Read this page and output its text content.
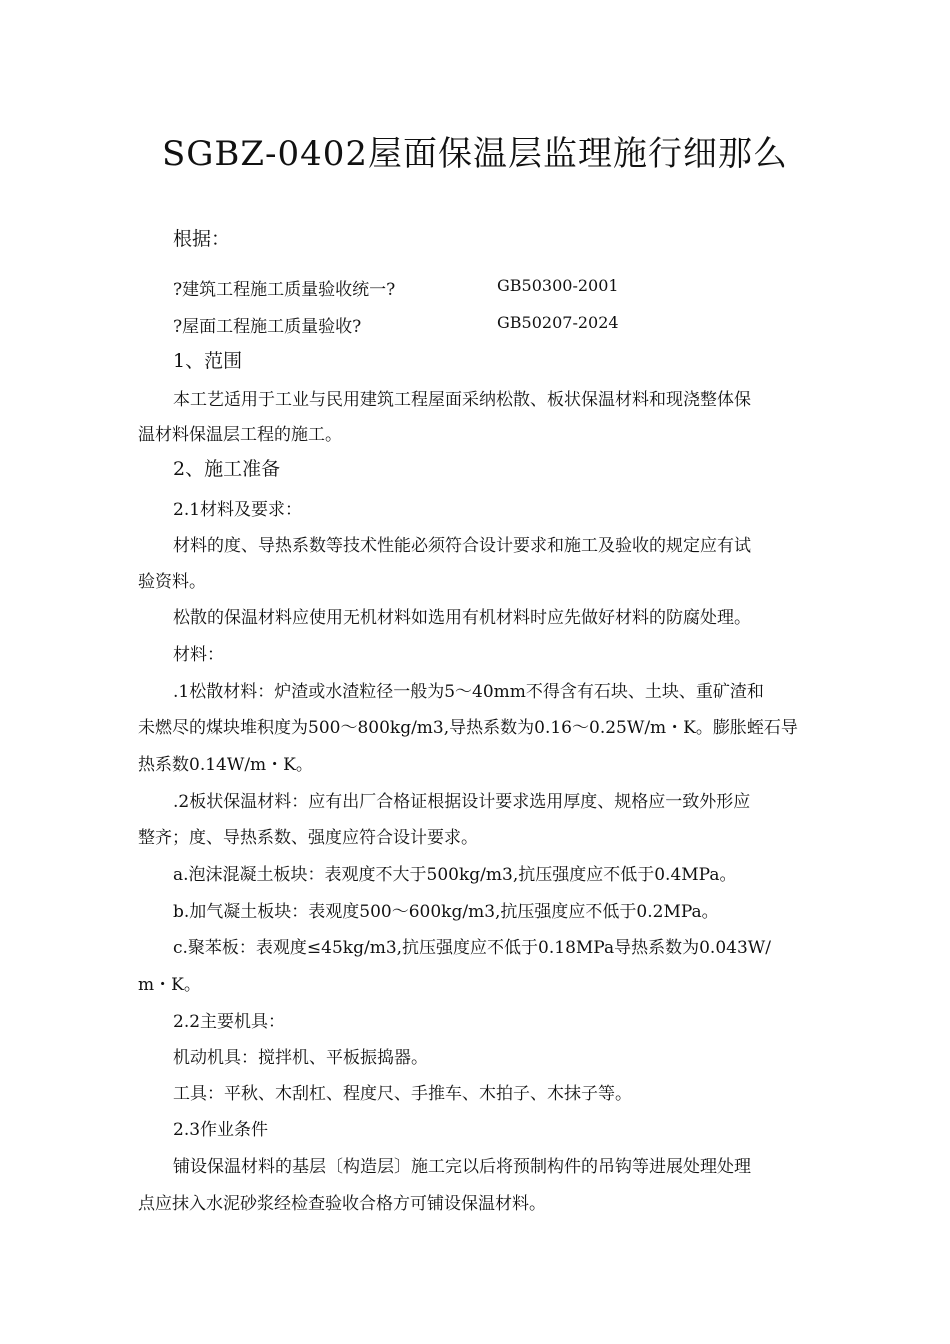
SGBZ-0402屋面保温层监理施行细那么
根据：
?建筑工程施工质量验收统一?	GB50300-2001
?屋面工程施工质量验收?	GB50207-2024
1、范围
本工艺适用于工业与民用建筑工程屋面采纳松散、板状保温材料和现浇整体保
温材料保温层工程的施工。
2、施工准备
2.1材料及要求：
材料的度、导热系数等技术性能必须符合设计要求和施工及验收的规定应有试
验资料。
松散的保温材料应使用无机材料如选用有机材料时应先做好材料的防腐处理。
材料：
.1松散材料：炉渣或水渣粒径一般为5～40mm不得含有石块、土块、重矿渣和
未燃尽的煤块堆积度为500～800kg/m3,导热系数为0.16～0.25W/m・K。膨胀蛭石导
热系数0.14W/m・K。
.2板状保温材料：应有出厂合格证根据设计要求选用厚度、规格应一致外形应
整齐；度、导热系数、强度应符合设计要求。
a.泡沫混凝土板块：表观度不大于500kg/m3,抗压强度应不低于0.4MPa。
b.加气凝土板块：表观度500～600kg/m3,抗压强度应不低于0.2MPa。
c.聚苯板：表观度≤45kg/m3,抗压强度应不低于0.18MPa导热系数为0.043W/
m・K。
2.2主要机具：
机动机具：搅拌机、平板振捣器。
工具：平秋、木刮杠、程度尺、手推车、木拍子、木抹子等。
2.3作业条件
铺设保温材料的基层〔构造层〕施工完以后将预制构件的吊钩等进展处理处理
点应抹入水泥砂浆经检查验收合格方可铺设保温材料。
